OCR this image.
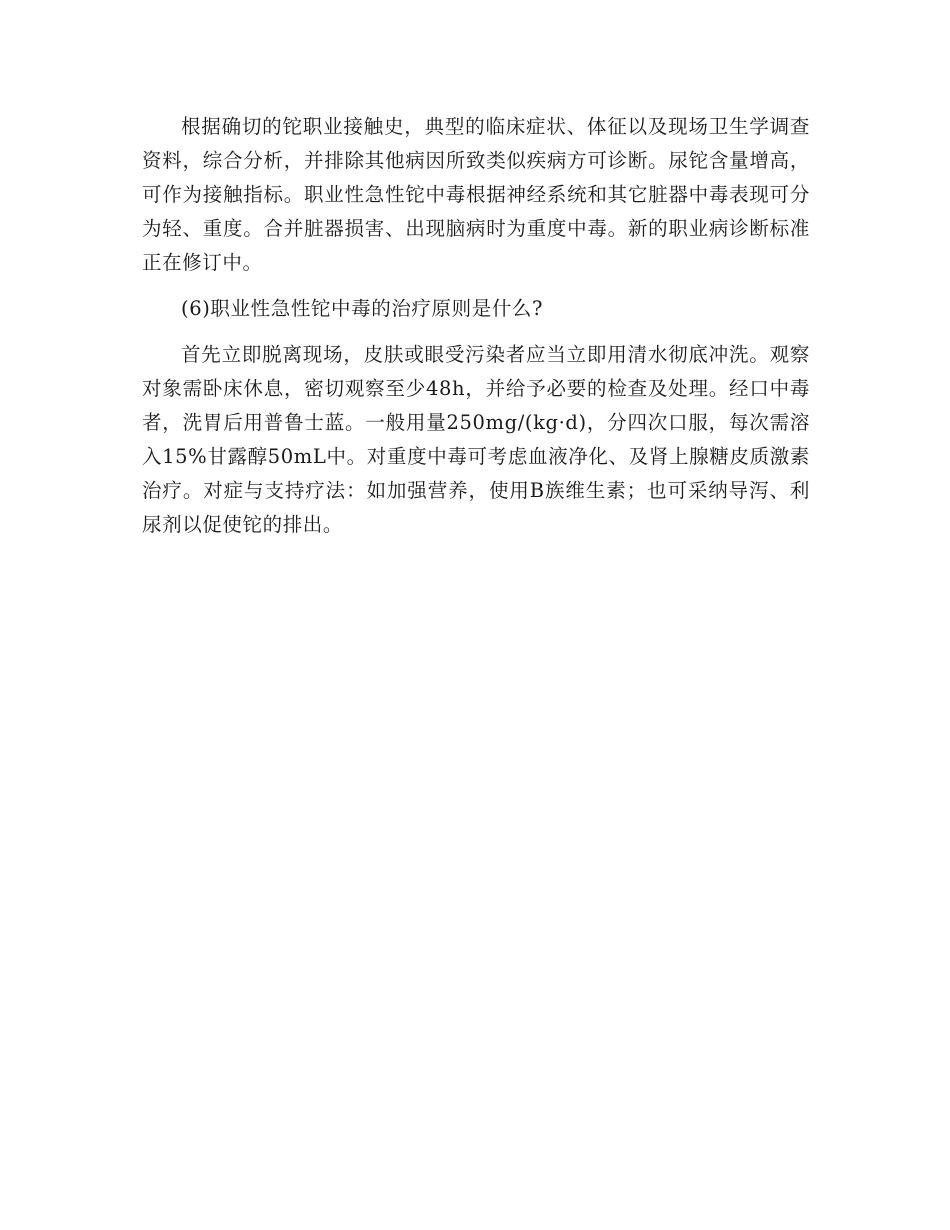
根据确切的铊职业接触史，典型的临床症状、体征以及现场卫生学调查资料，综合分析，并排除其他病因所致类似疾病方可诊断。尿铊含量增高，可作为接触指标。职业性急性铊中毒根据神经系统和其它脏器中毒表现可分为轻、重度。合并脏器损害、出现脑病时为重度中毒。新的职业病诊断标准正在修订中。

(6)职业性急性铊中毒的治疗原则是什么?

首先立即脱离现场，皮肤或眼受污染者应当立即用清水彻底冲洗。观察对象需卧床休息，密切观察至少48h，并给予必要的检查及处理。经口中毒者，洗胃后用普鲁士蓝。一般用量250mg/(kg·d)，分四次口服，每次需溶入15%甘露醇50mL中。对重度中毒可考虑血液净化、及肾上腺糖皮质激素治疗。对症与支持疗法：如加强营养，使用B族维生素；也可采纳导泻、利尿剂以促使铊的排出。
